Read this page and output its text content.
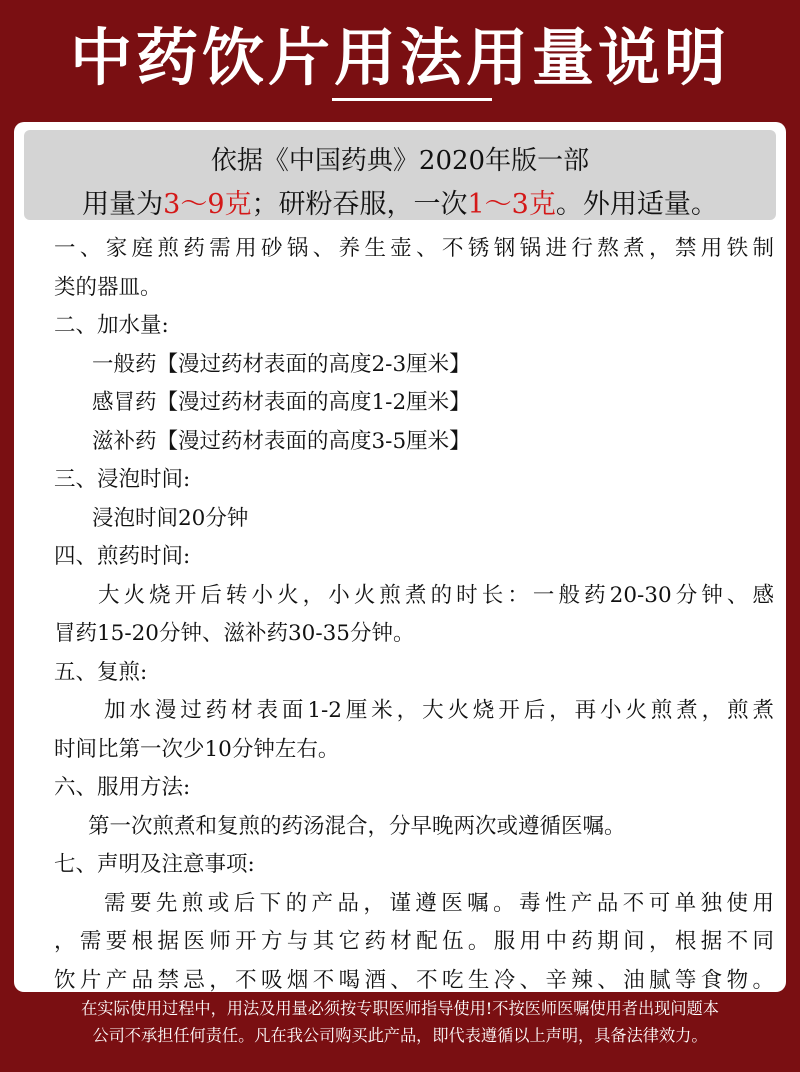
中药饮片用法用量说明
依据《中国药典》2020年版一部
用量为3～9克；研粉吞服，一次1～3克。外用适量。
一、家庭煎药需用砂锅、养生壶、不锈钢锅进行熬煮，禁用铁制
类的器皿。
二、加水量:
一般药【漫过药材表面的高度2-3厘米】
感冒药【漫过药材表面的高度1-2厘米】
滋补药【漫过药材表面的高度3-5厘米】
三、浸泡时间:
浸泡时间20分钟
四、煎药时间:
大火烧开后转小火，小火煎煮的时长：一般药20-30分钟、感
冒药15-20分钟、滋补药30-35分钟。
五、复煎:
加水漫过药材表面1-2厘米，大火烧开后，再小火煎煮，煎煮
时间比第一次少10分钟左右。
六、服用方法:
第一次煎煮和复煎的药汤混合，分早晚两次或遵循医嘱。
七、声明及注意事项:
需要先煎或后下的产品，谨遵医嘱。毒性产品不可单独使用
，需要根据医师开方与其它药材配伍。服用中药期间，根据不同
饮片产品禁忌，不吸烟不喝酒、不吃生冷、辛辣、油腻等食物。
在实际使用过程中，用法及用量必须按专职医师指导使用!不按医师医嘱使用者出现问题本
公司不承担任何责任。凡在我公司购买此产品，即代表遵循以上声明，具备法律效力。
